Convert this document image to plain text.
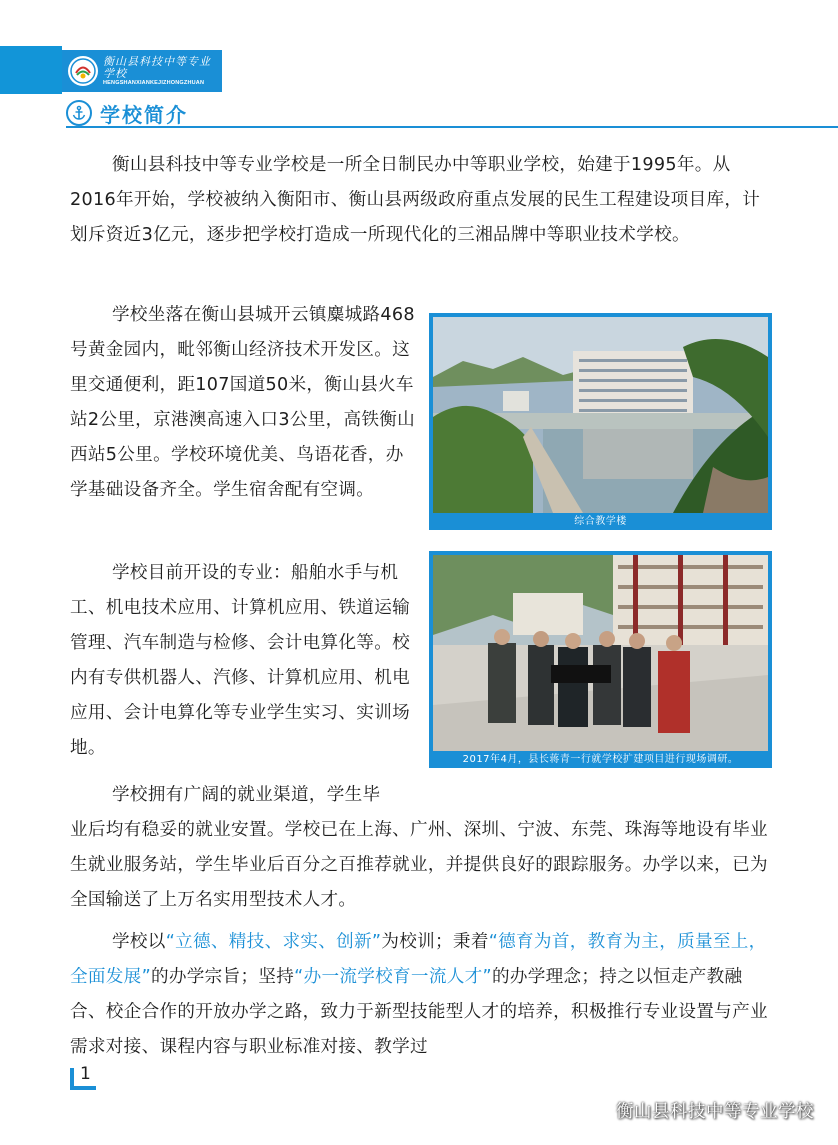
衡山县科技中等专业学校
HENGSHANXIANKEJIZHONGZHUAN
学校简介

衡山县科技中等专业学校是一所全日制民办中等职业学校，始建于1995年。从2016年开始，学校被纳入衡阳市、衡山县两级政府重点发展的民生工程建设项目库，计划斥资近3亿元，逐步把学校打造成一所现代化的三湘品牌中等职业技术学校。

学校坐落在衡山县城开云镇麋城路468号黄金园内，毗邻衡山经济技术开发区。这里交通便利，距107国道50米，衡山县火车站2公里，京港澳高速入口3公里，高铁衡山西站5公里。学校环境优美、鸟语花香，办学基础设备齐全。学生宿舍配有空调。

学校目前开设的专业：船舶水手与机工、机电技术应用、计算机应用、铁道运输管理、汽车制造与检修、会计电算化等。校内有专供机器人、汽修、计算机应用、机电应用、会计电算化等专业学生实习、实训场地。

学校拥有广阔的就业渠道，学生毕

业后均有稳妥的就业安置。学校已在上海、广州、深圳、宁波、东莞、珠海等地设有毕业生就业服务站，学生毕业后百分之百推荐就业，并提供良好的跟踪服务。办学以来，已为全国输送了上万名实用型技术人才。

学校以“立德、精技、求实、创新”为校训；秉着“德育为首，教育为主，质量至上，全面发展”的办学宗旨；坚持“办一流学校育一流人才”的办学理念；持之以恒走产教融合、校企合作的开放办学之路，致力于新型技能型人才的培养，积极推行专业设置与产业需求对接、课程内容与职业标准对接、教学过

综合教学楼
2017年4月，县长蒋青一行就学校扩建项目进行现场调研。
1
衡山县科技中等专业学校
